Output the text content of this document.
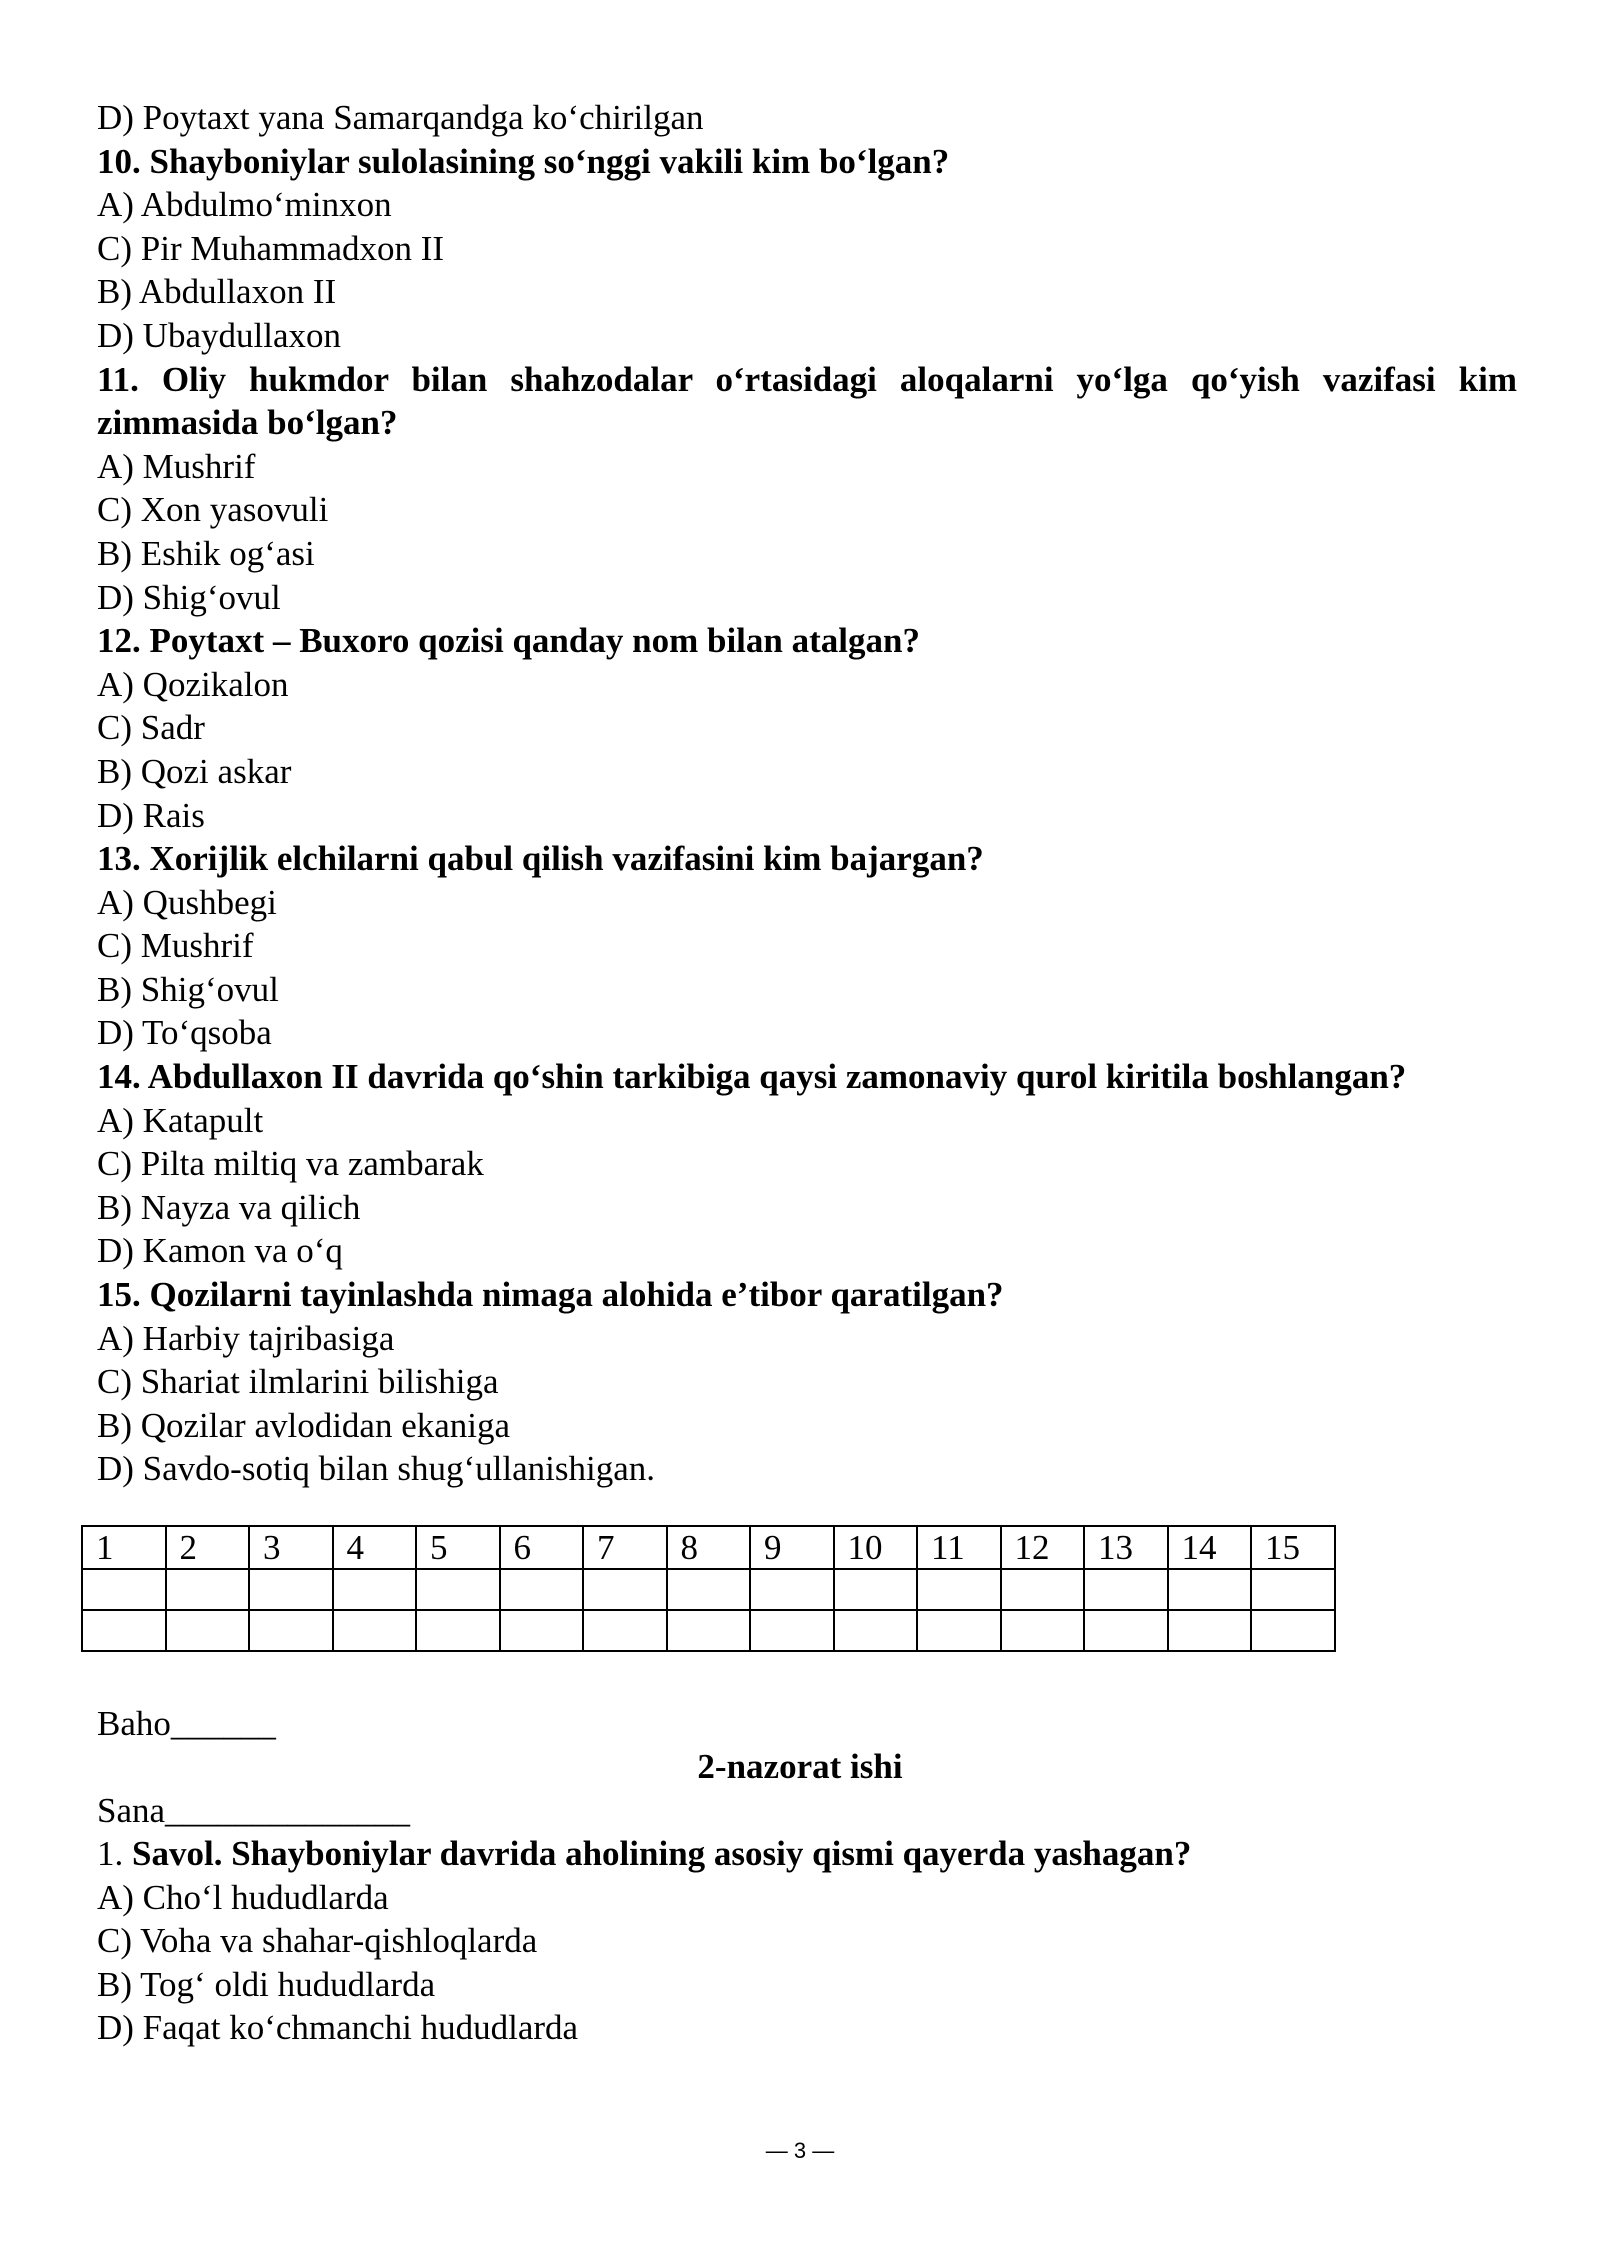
D) Poytaxt yana Samarqandga ko‘chirilgan
10. Shayboniylar sulolasining so‘nggi vakili kim bo‘lgan?
A) Abdulmo‘minxon
C) Pir Muhammadxon II
B) Abdullaxon II
D) Ubaydullaxon
11. Oliy hukmdor bilan shahzodalar o‘rtasidagi aloqalarni yo‘lga qo‘yish vazifasi kim zimmasida bo‘lgan?
A) Mushrif
C) Xon yasovuli
B) Eshik og‘asi
D) Shig‘ovul
12. Poytaxt – Buxoro qozisi qanday nom bilan atalgan?
A) Qozikalon
C) Sadr
B) Qozi askar
D) Rais
13. Xorijlik elchilarni qabul qilish vazifasini kim bajargan?
A) Qushbegi
C) Mushrif
B) Shig‘ovul
D) To‘qsoba
14. Abdullaxon II davrida qo‘shin tarkibiga qaysi zamonaviy qurol kiritila boshlangan?
A) Katapult
C) Pilta miltiq va zambarak
B) Nayza va qilich
D) Kamon va o‘q
15. Qozilarni tayinlashda nimaga alohida e’tibor qaratilgan?
A) Harbiy tajribasiga
C) Shariat ilmlarini bilishiga
B) Qozilar avlodidan ekaniga
D) Savdo-sotiq bilan shug‘ullanishigan.
1	2	3	4	5	6	7	8	9	10	11	12	13	14	15

Baho______
2-nazorat ishi
Sana______________
1. Savol. Shayboniylar davrida aholining asosiy qismi qayerda yashagan?
A) Cho‘l hududlarda
C) Voha va shahar-qishloqlarda
B) Tog‘ oldi hududlarda
D) Faqat ko‘chmanchi hududlarda
— 3 —
